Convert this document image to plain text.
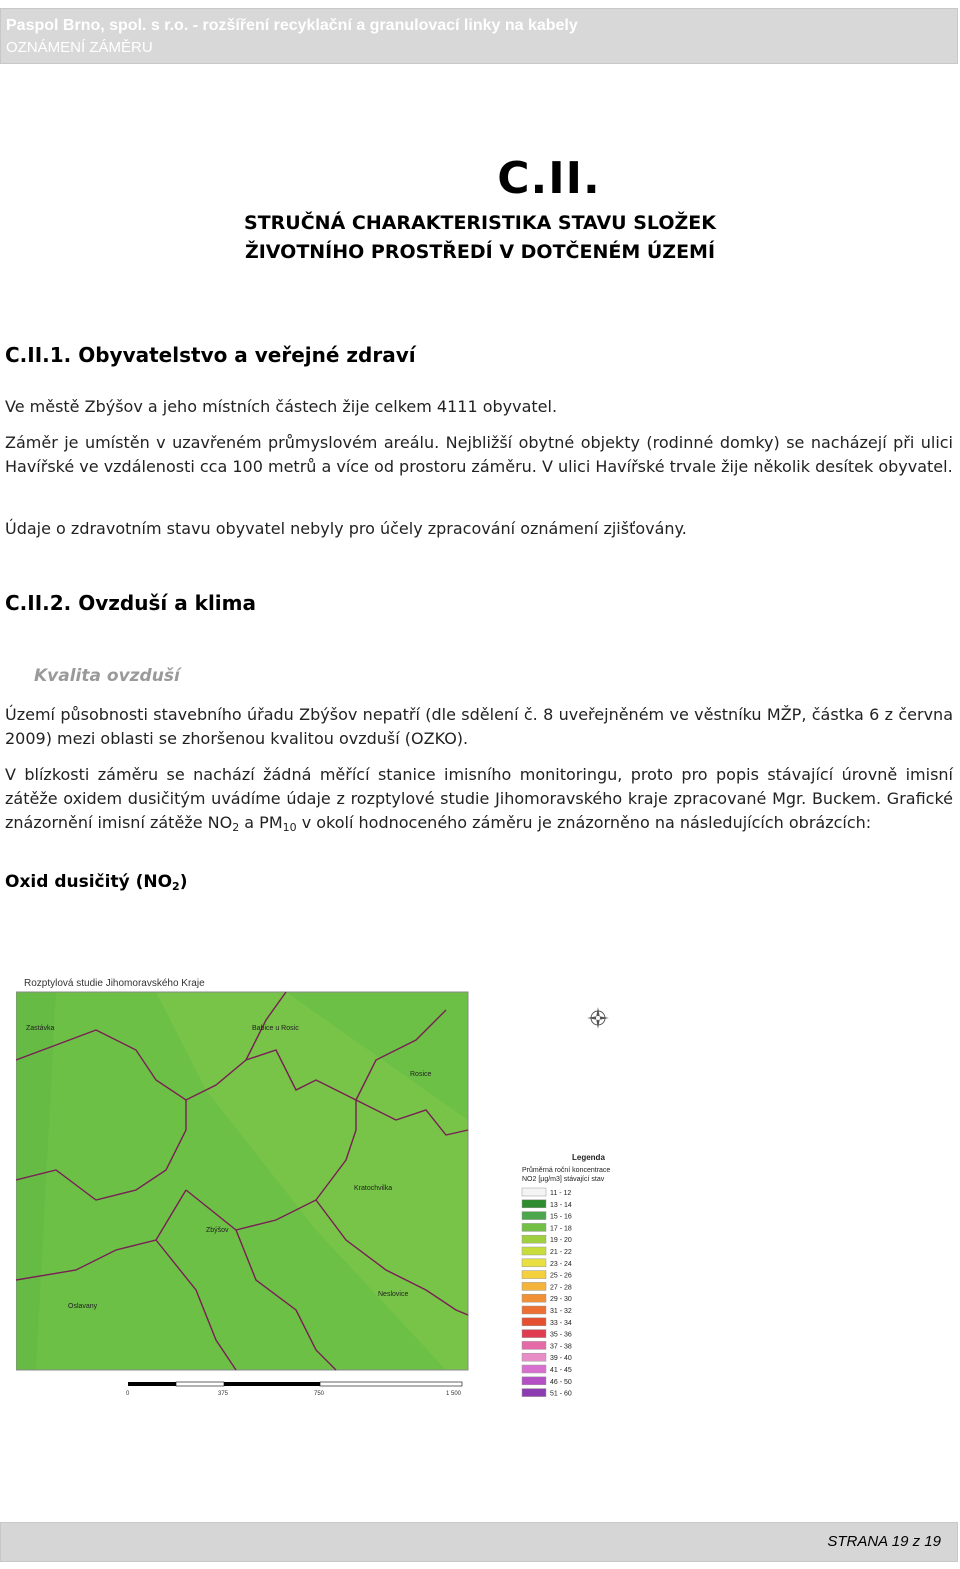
Paspol Brno, spol. s r.o. - rozšíření recyklační a granulovací linky na kabely
OZNÁMENÍ ZÁMĚRU
C.II.
STRUČNÁ CHARAKTERISTIKA STAVU SLOŽEK
ŽIVOTNÍHO PROSTŘEDÍ V DOTČENÉM ÚZEMÍ
C.II.1. Obyvatelstvo a veřejné zdraví
Ve městě Zbýšov a jeho místních částech žije celkem 4111 obyvatel.
Záměr je umístěn v uzavřeném průmyslovém areálu. Nejbližší obytné objekty (rodinné domky) se nacházejí při ulici Havířské ve vzdálenosti cca 100 metrů a více od prostoru záměru. V ulici Havířské trvale žije několik desítek obyvatel.
Údaje o zdravotním stavu obyvatel nebyly pro účely zpracování oznámení zjišťovány.
C.II.2. Ovzduší a klima
Kvalita ovzduší
Území působnosti stavebního úřadu Zbýšov nepatří (dle sdělení č. 8 uveřejněném ve věstníku MŽP, částka 6 z června 2009) mezi oblasti se zhoršenou kvalitou ovzduší (OZKO).
V blízkosti záměru se nachází žádná měřící stanice imisního monitoringu, proto pro popis stávající úrovně imisní zátěže oxidem dusičitým uvádíme údaje z rozptylové studie Jihomoravského kraje zpracované Mgr. Buckem. Grafické znázornění imisní zátěže $NO_2$ a $PM_{10}$ v okolí hodnoceného záměru je znázorněno na následujících obrázcích:
Oxid dusičitý $(NO_2)$
Rozptylová studie Jihomoravského Kraje
Zastávka	Babice u Rosic
Rosice
Kratochvilka
Zbýšov
Oslavany
Neslovice
Legenda
Průměrná roční koncentrace
NO2 [µg/m3] stávající stav
11 - 12
13 - 14
15 - 16
17 - 18
19 - 20
21 - 22
23 - 24
25 - 26
27 - 28
29 - 30
31 - 32
33 - 34
35 - 36
37 - 38
39 - 40
41 - 45
46 - 50
51 - 60
0	375	750	1 500
STRANA 19 z 19
